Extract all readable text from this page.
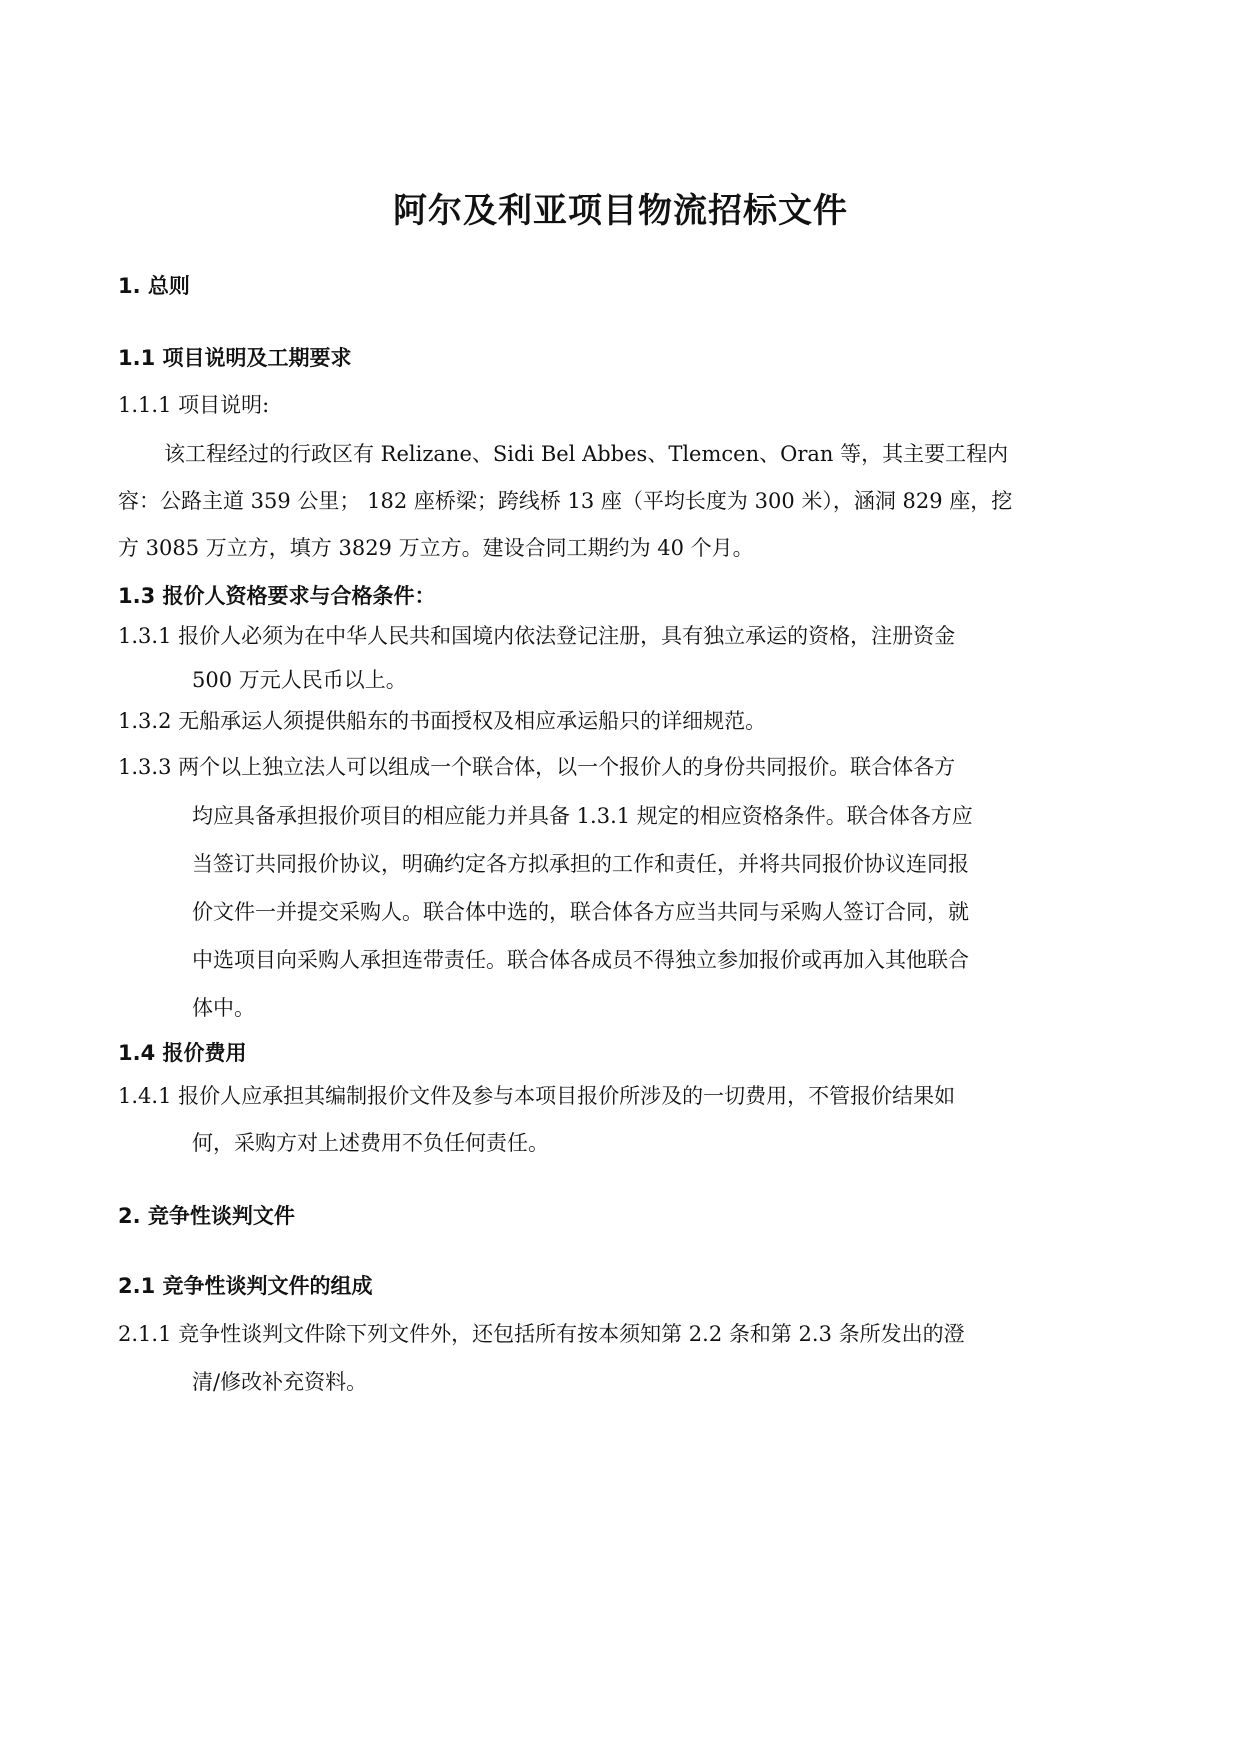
阿尔及利亚项目物流招标文件
1. 总则
1.1 项目说明及工期要求
1.1.1 项目说明:
该工程经过的行政区有 Relizane、Sidi Bel Abbes、Tlemcen、Oran 等，其主要工程内
容：公路主道 359 公里； 182 座桥梁；跨线桥 13 座（平均长度为 300 米），涵洞 829 座，挖
方 3085 万立方，填方 3829 万立方。建设合同工期约为 40 个月。
1.3 报价人资格要求与合格条件：
1.3.1 报价人必须为在中华人民共和国境内依法登记注册，具有独立承运的资格，注册资金
500 万元人民币以上。
1.3.2 无船承运人须提供船东的书面授权及相应承运船只的详细规范。
1.3.3 两个以上独立法人可以组成一个联合体，以一个报价人的身份共同报价。联合体各方
均应具备承担报价项目的相应能力并具备 1.3.1 规定的相应资格条件。联合体各方应
当签订共同报价协议，明确约定各方拟承担的工作和责任，并将共同报价协议连同报
价文件一并提交采购人。联合体中选的，联合体各方应当共同与采购人签订合同，就
中选项目向采购人承担连带责任。联合体各成员不得独立参加报价或再加入其他联合
体中。
1.4 报价费用
1.4.1 报价人应承担其编制报价文件及参与本项目报价所涉及的一切费用，不管报价结果如
何，采购方对上述费用不负任何责任。
2. 竞争性谈判文件
2.1 竞争性谈判文件的组成
2.1.1 竞争性谈判文件除下列文件外，还包括所有按本须知第 2.2 条和第 2.3 条所发出的澄
清/修改补充资料。
